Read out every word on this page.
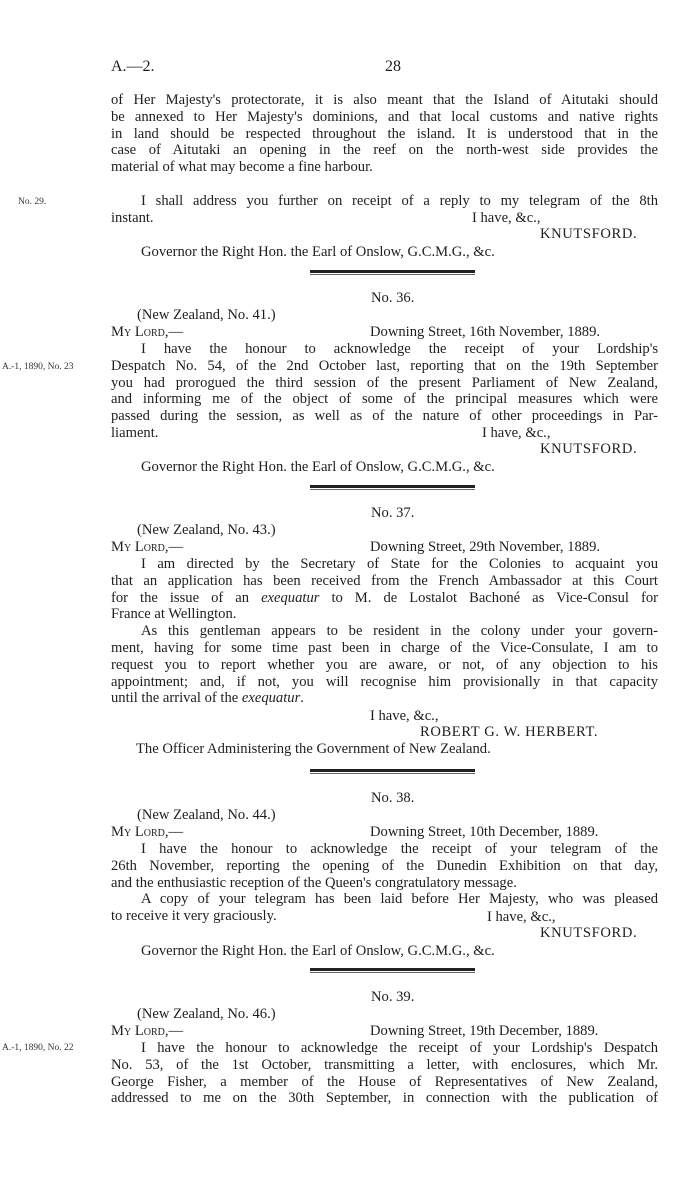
A.—2.	28
of Her Majesty's protectorate, it is also meant that the Island of Aitutaki should
be annexed to Her Majesty's dominions, and that local customs and native rights
in land should be respected throughout the island. It is understood that in the
case of Aitutaki an opening in the reef on the north-west side provides the
material of what may become a fine harbour.
No. 29.	I shall address you further on receipt of a reply to my telegram of the 8th
instant.	I have, &c.,
KNUTSFORD.
Governor the Right Hon. the Earl of Onslow, G.C.M.G., &c.
No. 36.
(New Zealand, No. 41.)
My Lord,—	Downing Street, 16th November, 1889.
A.-1, 1890, No. 23
I have the honour to acknowledge the receipt of your Lordship's
Despatch No. 54, of the 2nd October last, reporting that on the 19th September
you had prorogued the third session of the present Parliament of New Zealand,
and informing me of the object of some of the principal measures which were
passed during the session, as well as of the nature of other proceedings in Par-
liament.	I have, &c.,
KNUTSFORD.
Governor the Right Hon. the Earl of Onslow, G.C.M.G., &c.
No. 37.
(New Zealand, No. 43.)
My Lord,—	Downing Street, 29th November, 1889.
I am directed by the Secretary of State for the Colonies to acquaint you
that an application has been received from the French Ambassador at this Court
for the issue of an exequatur to M. de Lostalot Bachoné as Vice-Consul for
France at Wellington.
As this gentleman appears to be resident in the colony under your govern-
ment, having for some time past been in charge of the Vice-Consulate, I am to
request you to report whether you are aware, or not, of any objection to his
appointment; and, if not, you will recognise him provisionally in that capacity
until the arrival of the exequatur.
I have, &c.,
ROBERT G. W. HERBERT.
The Officer Administering the Government of New Zealand.
No. 38.
(New Zealand, No. 44.)
My Lord,—	Downing Street, 10th December, 1889.
I have the honour to acknowledge the receipt of your telegram of the
26th November, reporting the opening of the Dunedin Exhibition on that day,
and the enthusiastic reception of the Queen's congratulatory message.
A copy of your telegram has been laid before Her Majesty, who was pleased
to receive it very graciously.	I have, &c.,
KNUTSFORD.
Governor the Right Hon. the Earl of Onslow, G.C.M.G., &c.
No. 39.
(New Zealand, No. 46.)
My Lord,—	Downing Street, 19th December, 1889.
A.-1, 1890, No. 22	I have the honour to acknowledge the receipt of your Lordship's Despatch
No. 53, of the 1st October, transmitting a letter, with enclosures, which Mr.
George Fisher, a member of the House of Representatives of New Zealand,
addressed to me on the 30th September, in connection with the publication of
